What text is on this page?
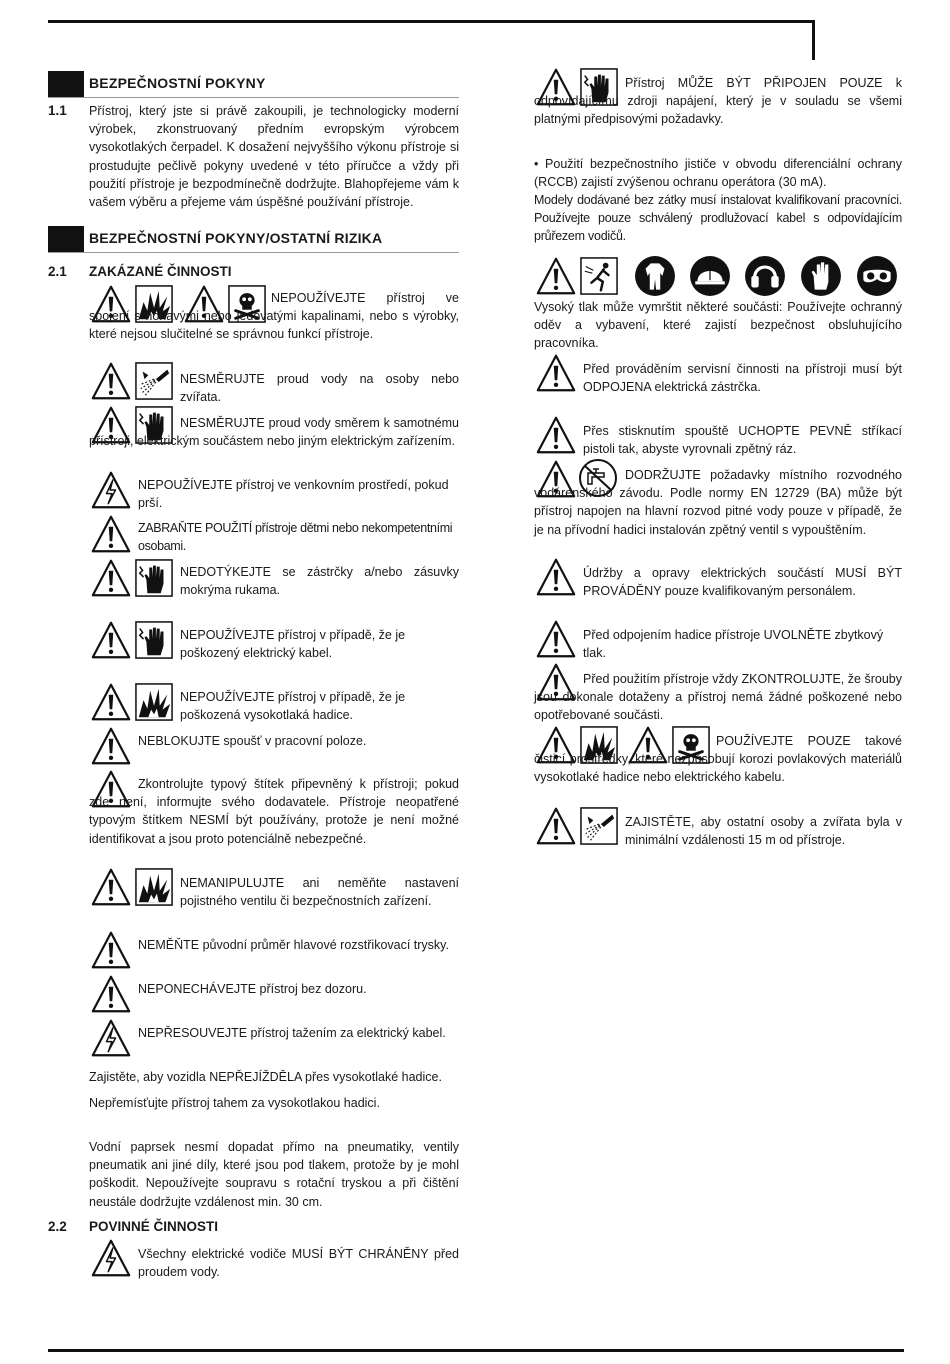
BEZPEČNOSTNÍ POKYNY
1.1 Přístroj, který jste si právě zakoupili, je technologicky moderní výrobek, zkonstruovaný předním evropským výrobcem vysokotlakých čerpadel. K dosažení nejvyššího výkonu přístroje si prostudujte pečlivě pokyny uvedené v této příručce a vždy při použití přístroje je bezpodmínečně dodržujte. Blahopřejeme vám k vašem výběru a přejeme vám úspěšné používání přístroje.
BEZPEČNOSTNÍ POKYNY/OSTATNÍ RIZIKA
2.1 ZAKÁZANÉ ČINNOSTI
NEPOUŽÍVEJTE přístroj ve spojení s hořlavými nebo jedovatými kapalinami, nebo s výrobky, které nejsou slučitelné se správnou funkcí přístroje.
NESMĚRUJTE proud vody na osoby nebo zvířata.
NESMĚRUJTE proud vody směrem k samotnému přístroji, elektrickým součástem nebo jiným elektrickým zařízením.
NEPOUŽÍVEJTE přístroj ve venkovním prostředí, pokud prší.
ZABRAŇTE POUŽITÍ přístroje dětmi nebo nekompetentními osobami.
NEDOTÝKEJTE se zástrčky a/nebo zásuvky mokrýma rukama.
NEPOUŽÍVEJTE přístroj v případě, že je poškozený elektrický kabel.
NEPOUŽÍVEJTE přístroj v případě, že je poškozená vysokotlaká hadice.
NEBLOKUJTE spoušť v pracovní poloze.
Zkontrolujte typový štítek připevněný k přístroji; pokud zde není, informujte svého dodavatele. Přístroje neopatřené typovým štítkem NESMÍ být používány, protože je není možné identifikovat a jsou proto potenciálně nebezpečné.
NEMANIPULUJTE ani neměňte nastavení pojistného ventilu či bezpečnostních zařízení.
NEMĚŇTE původní průměr hlavové rozstřikovací trysky.
NEPONECHÁVEJTE přístroj bez dozoru.
NEPŘESOUVEJTE přístroj tažením za elektrický kabel.
Zajistěte, aby vozidla NEPŘEJÍŽDĚLA přes vysokotlaké hadice.
Nepřemísťujte přístroj tahem za vysokotlakou hadici.
Vodní paprsek nesmí dopadat přímo na pneumatiky, ventily pneumatik ani jiné díly, které jsou pod tlakem, protože by je mohl poškodit. Nepoužívejte soupravu s rotační tryskou a při čištění neustále dodržujte vzdálenost min. 30 cm.
2.2 POVINNÉ ČINNOSTI
Všechny elektrické vodiče MUSÍ BÝT CHRÁNĚNY před proudem vody.
Přístroj MŮŽE BÝT PŘIPOJEN POUZE k odpovídajícímu zdroji napájení, který je v souladu se všemi platnými předpisovými požadavky.
• Použití bezpečnostního jističe v obvodu diferenciální ochrany (RCCB) zajistí zvýšenou ochranu operátora (30 mA).
Modely dodávané bez zátky musí instalovat kvalifikovaní pracovníci. Používejte pouze schválený prodlužovací kabel s odpovídajícím průřezem vodičů.
Vysoký tlak může vymrštit některé součásti: Používejte ochranný oděv a vybavení, které zajistí bezpečnost obsluhujícího pracovníka.
Před prováděním servisní činnosti na přístroji musí být ODPOJENA elektrická zástrčka.
Přes stisknutím spouště UCHOPTE PEVNĚ stříkací pistoli tak, abyste vyrovnali zpětný ráz.
DODRŽUJTE požadavky místního rozvodného vodárenského závodu. Podle normy EN 12729 (BA) může být přístroj napojen na hlavní rozvod pitné vody pouze v případě, že je na přívodní hadici instalován zpětný ventil s vypouštěním.
Údržby a opravy elektrických součástí MUSÍ BÝT PROVÁDĚNY pouze kvalifikovaným personálem.
Před odpojením hadice přístroje UVOLNĚTE zbytkový tlak.
Před použitím přístroje vždy ZKONTROLUJTE, že šrouby jsou dokonale dotaženy a přístroj nemá žádné poškozené nebo opotřebované součásti.
POUŽÍVEJTE POUZE takové čisticí prostředky, které nezpůsobují korozi povlakových materiálů vysokotlaké hadice nebo elektrického kabelu.
ZAJISTĚTE, aby ostatní osoby a zvířata byla v minimální vzdálenosti 15 m od přístroje.
